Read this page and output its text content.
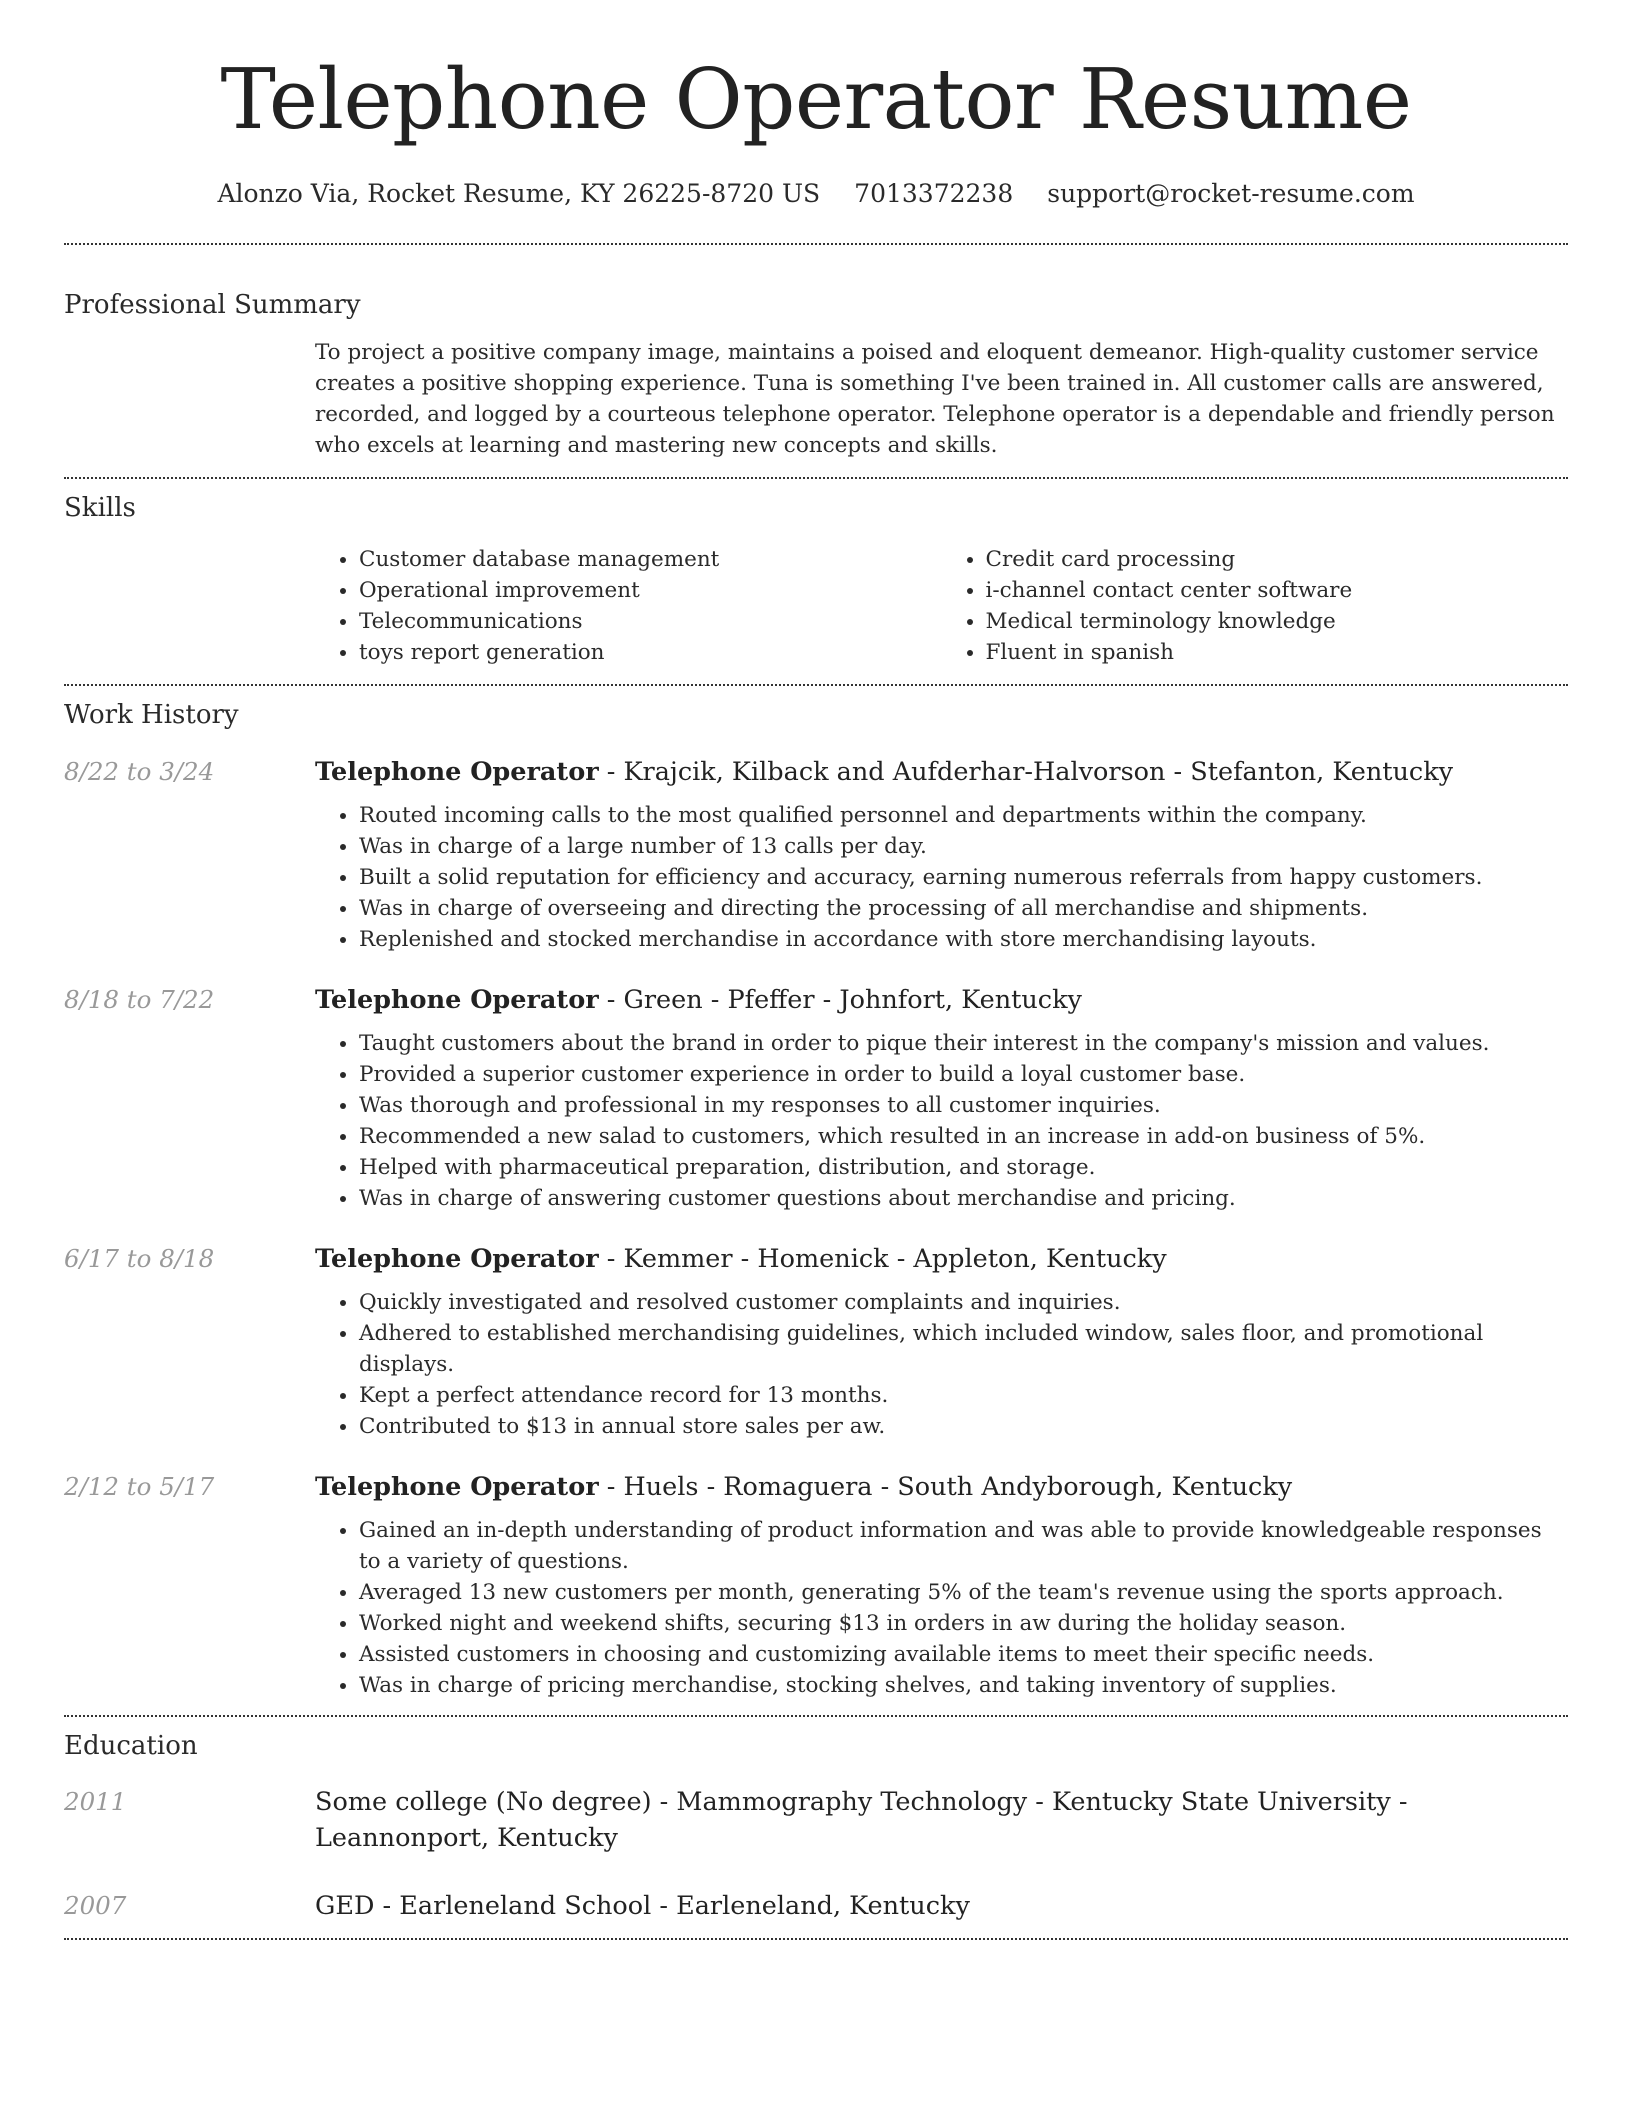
Telephone Operator Resume
Alonzo Via, Rocket Resume, KY 26225-8720 US 7013372238 support@rocket-resume.com
Professional Summary

To project a positive company image, maintains a poised and eloquent demeanor. High-quality customer service creates a positive shopping experience. Tuna is something I've been trained in. All customer calls are answered, recorded, and logged by a courteous telephone operator. Telephone operator is a dependable and friendly person who excels at learning and mastering new concepts and skills.

Skills
• Customer database management
• Operational improvement
• Telecommunications
• toys report generation
• Credit card processing
• i-channel contact center software
• Medical terminology knowledge
• Fluent in spanish
Work History
8/22 to 3/24	Telephone Operator - Krajcik, Kilback and Aufderhar-Halvorson - Stefanton, Kentucky

• Routed incoming calls to the most qualified personnel and departments within the company.
• Was in charge of a large number of 13 calls per day.
• Built a solid reputation for efficiency and accuracy, earning numerous referrals from happy customers.
• Was in charge of overseeing and directing the processing of all merchandise and shipments.
• Replenished and stocked merchandise in accordance with store merchandising layouts.
8/18 to 7/22	Telephone Operator - Green - Pfeffer - Johnfort, Kentucky

• Taught customers about the brand in order to pique their interest in the company's mission and values.
• Provided a superior customer experience in order to build a loyal customer base.
• Was thorough and professional in my responses to all customer inquiries.
• Recommended a new salad to customers, which resulted in an increase in add-on business of 5%.
• Helped with pharmaceutical preparation, distribution, and storage.
• Was in charge of answering customer questions about merchandise and pricing.
6/17 to 8/18	Telephone Operator - Kemmer - Homenick - Appleton, Kentucky

• Quickly investigated and resolved customer complaints and inquiries.
• Adhered to established merchandising guidelines, which included window, sales floor, and promotional displays.
• Kept a perfect attendance record for 13 months.
• Contributed to $13 in annual store sales per aw.
2/12 to 5/17	Telephone Operator - Huels - Romaguera - South Andyborough, Kentucky

• Gained an in-depth understanding of product information and was able to provide knowledgeable responses to a variety of questions.
• Averaged 13 new customers per month, generating 5% of the team's revenue using the sports approach.
• Worked night and weekend shifts, securing $13 in orders in aw during the holiday season.
• Assisted customers in choosing and customizing available items to meet their specific needs.
• Was in charge of pricing merchandise, stocking shelves, and taking inventory of supplies.
Education
2011	Some college (No degree) - Mammography Technology - Kentucky State University - Leannonport, Kentucky

2007	GED - Earleneland School - Earleneland, Kentucky
